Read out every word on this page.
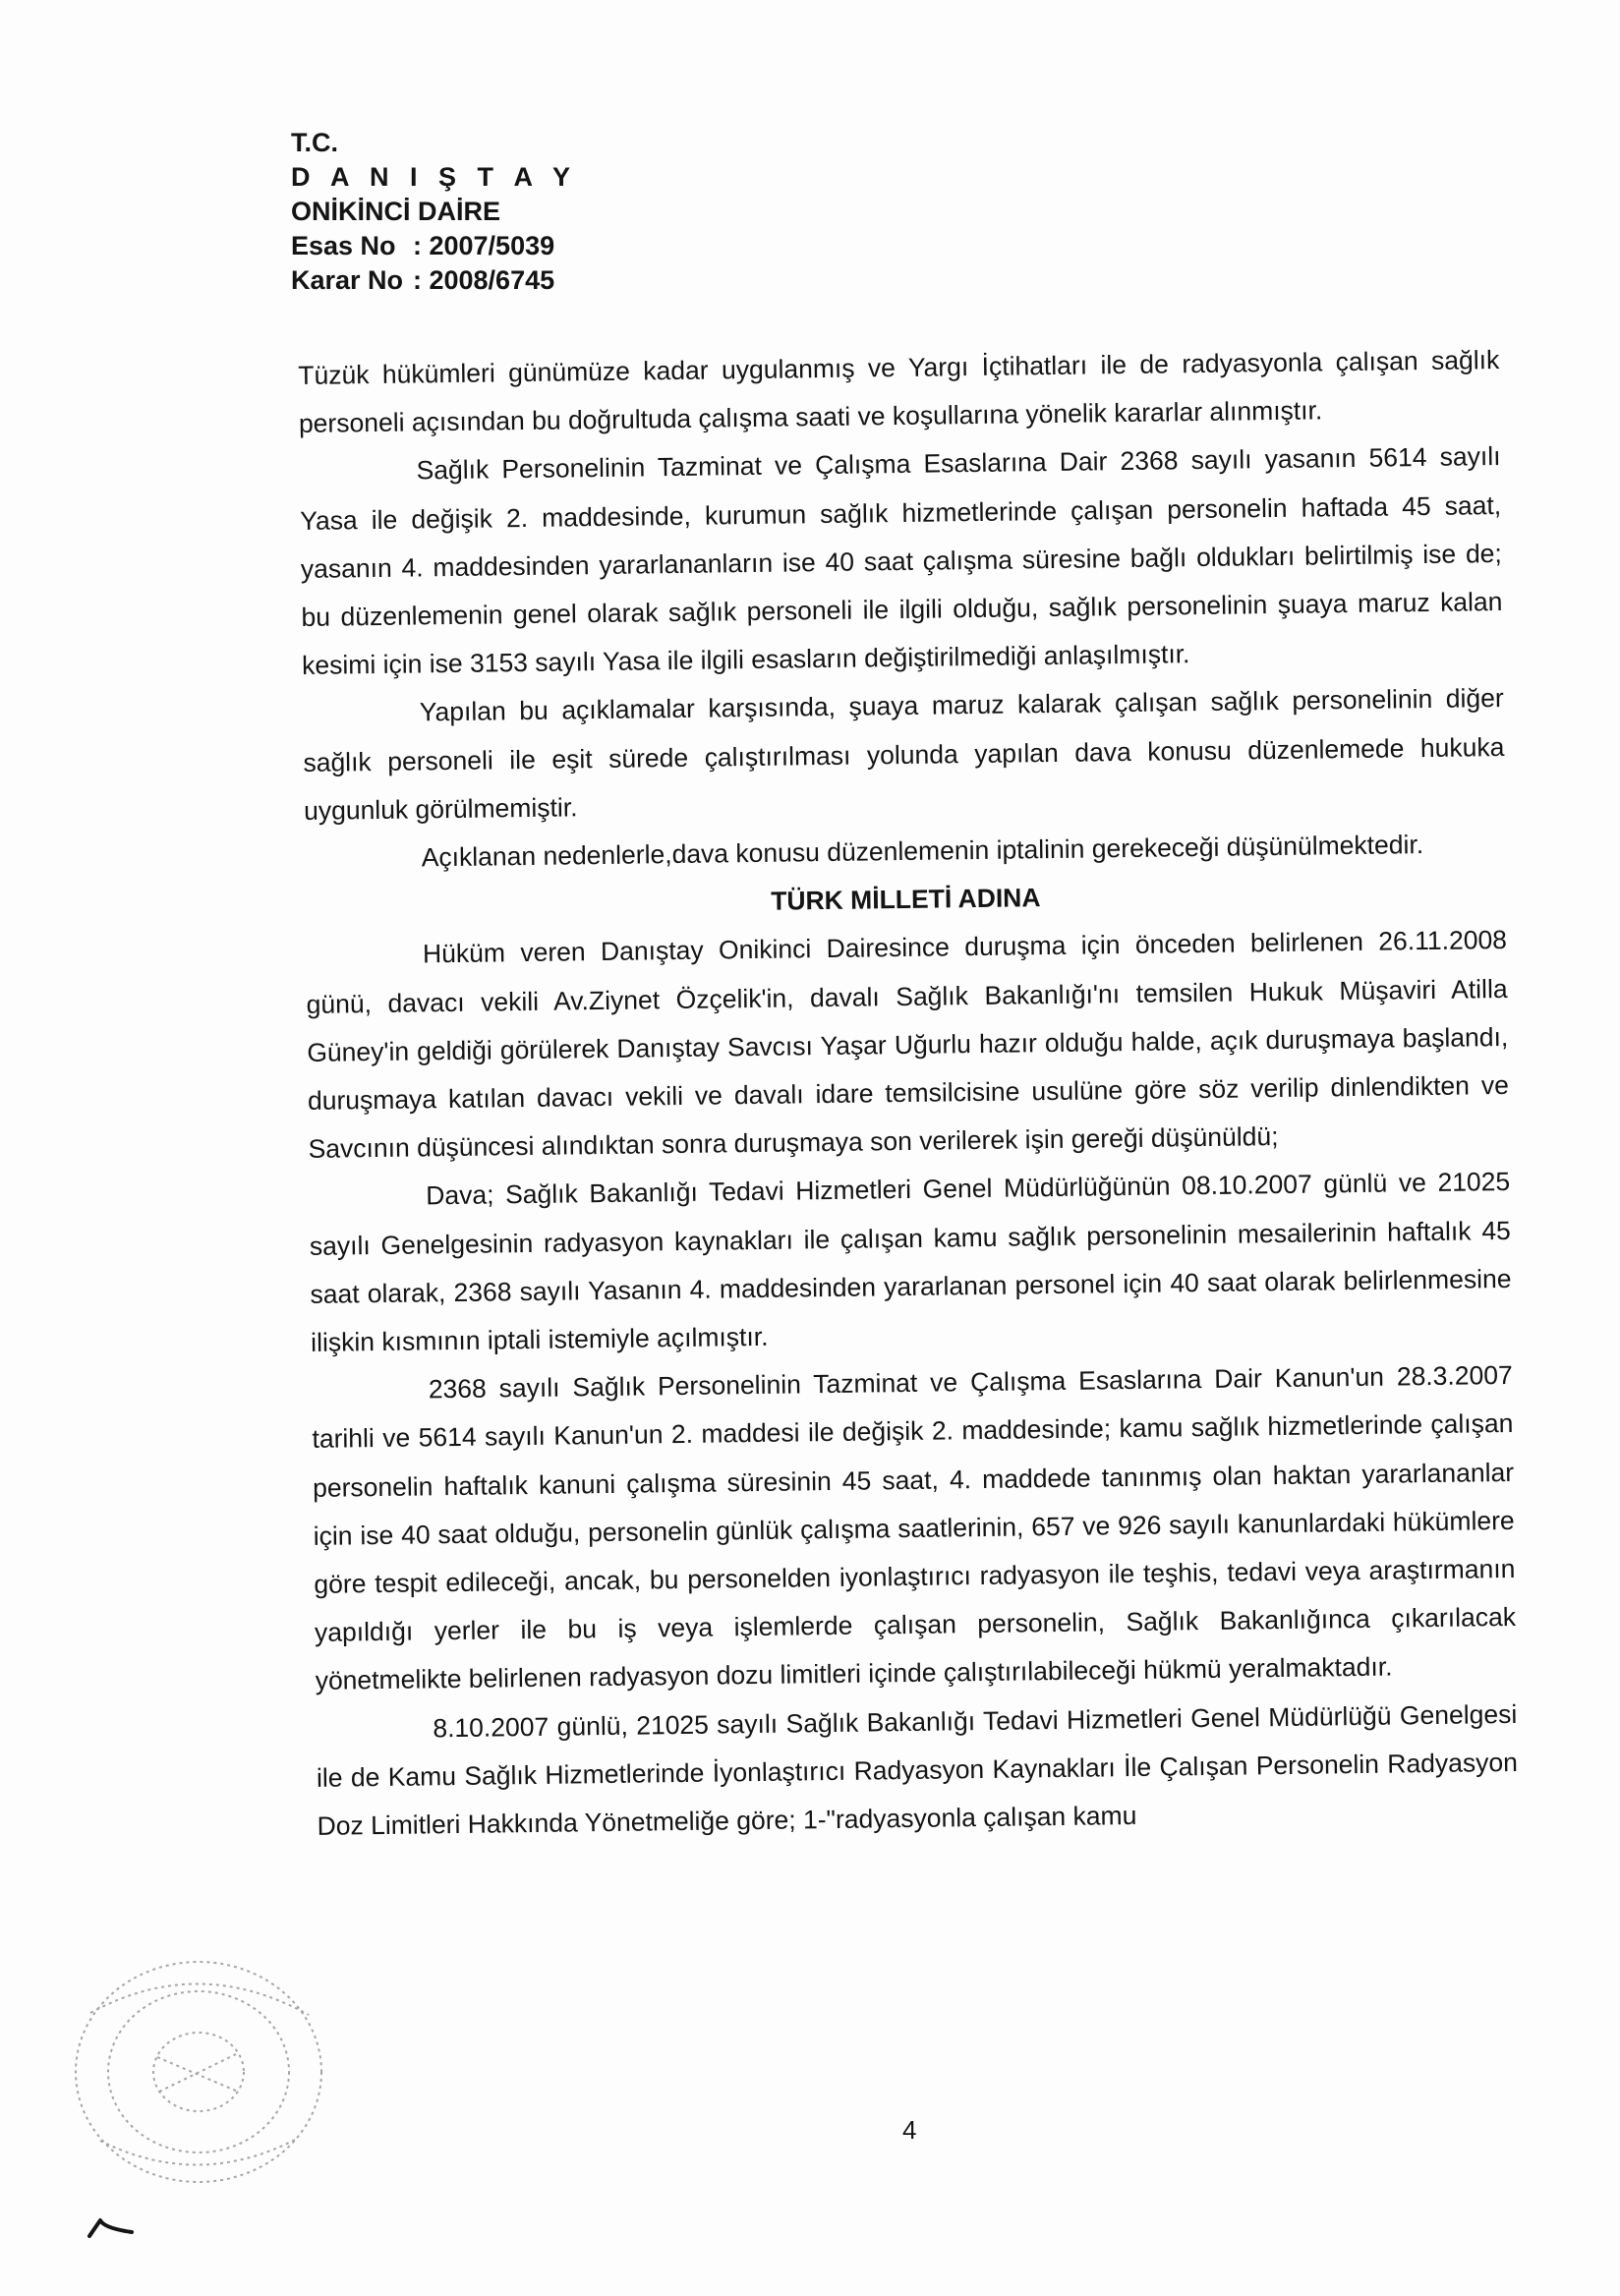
T.C.
D A N I Ş T A Y
ONİKİNCİ DAİRE
Esas No : 2007/5039
Karar No : 2008/6745

Tüzük hükümleri günümüze kadar uygulanmış ve Yargı İçtihatları ile de radyasyonla çalışan sağlık personeli açısından bu doğrultuda çalışma saati ve koşullarına yönelik kararlar alınmıştır.

Sağlık Personelinin Tazminat ve Çalışma Esaslarına Dair 2368 sayılı yasanın 5614 sayılı Yasa ile değişik 2. maddesinde, kurumun sağlık hizmetlerinde çalışan personelin haftada 45 saat, yasanın 4. maddesinden yararlananların ise 40 saat çalışma süresine bağlı oldukları belirtilmiş ise de; bu düzenlemenin genel olarak sağlık personeli ile ilgili olduğu, sağlık personelinin şuaya maruz kalan kesimi için ise 3153 sayılı Yasa ile ilgili esasların değiştirilmediği anlaşılmıştır.

Yapılan bu açıklamalar karşısında, şuaya maruz kalarak çalışan sağlık personelinin diğer sağlık personeli ile eşit sürede çalıştırılması yolunda yapılan dava konusu düzenlemede hukuka uygunluk görülmemiştir.

Açıklanan nedenlerle,dava konusu düzenlemenin iptalinin gerekeceği düşünülmektedir.

TÜRK MİLLETİ ADINA

Hüküm veren Danıştay Onikinci Dairesince duruşma için önceden belirlenen 26.11.2008 günü, davacı vekili Av.Ziynet Özçelik'in, davalı Sağlık Bakanlığı'nı temsilen Hukuk Müşaviri Atilla Güney'in geldiği görülerek Danıştay Savcısı Yaşar Uğurlu hazır olduğu halde, açık duruşmaya başlandı, duruşmaya katılan davacı vekili ve davalı idare temsilcisine usulüne göre söz verilip dinlendikten ve Savcının düşüncesi alındıktan sonra duruşmaya son verilerek işin gereği düşünüldü;

Dava; Sağlık Bakanlığı Tedavi Hizmetleri Genel Müdürlüğünün 08.10.2007 günlü ve 21025 sayılı Genelgesinin radyasyon kaynakları ile çalışan kamu sağlık personelinin mesailerinin haftalık 45 saat olarak, 2368 sayılı Yasanın 4. maddesinden yararlanan personel için 40 saat olarak belirlenmesine ilişkin kısmının iptali istemiyle açılmıştır.

2368 sayılı Sağlık Personelinin Tazminat ve Çalışma Esaslarına Dair Kanun'un 28.3.2007 tarihli ve 5614 sayılı Kanun'un 2. maddesi ile değişik 2. maddesinde; kamu sağlık hizmetlerinde çalışan personelin haftalık kanuni çalışma süresinin 45 saat, 4. maddede tanınmış olan haktan yararlananlar için ise 40 saat olduğu, personelin günlük çalışma saatlerinin, 657 ve 926 sayılı kanunlardaki hükümlere göre tespit edileceği, ancak, bu personelden iyonlaştırıcı radyasyon ile teşhis, tedavi veya araştırmanın yapıldığı yerler ile bu iş veya işlemlerde çalışan personelin, Sağlık Bakanlığınca çıkarılacak yönetmelikte belirlenen radyasyon dozu limitleri içinde çalıştırılabileceği hükmü yeralmaktadır.

8.10.2007 günlü, 21025 sayılı Sağlık Bakanlığı Tedavi Hizmetleri Genel Müdürlüğü Genelgesi ile de Kamu Sağlık Hizmetlerinde İyonlaştırıcı Radyasyon Kaynakları İle Çalışan Personelin Radyasyon Doz Limitleri Hakkında Yönetmeliğe göre; 1-"radyasyonla çalışan kamu

4
